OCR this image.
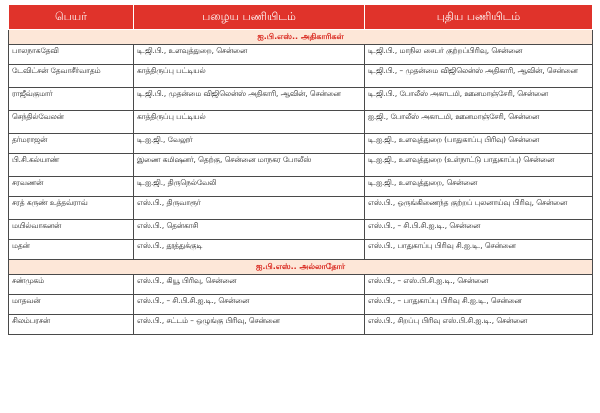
பெயர்	பழைய பணியிடம்	புதிய பணியிடம்
ஐ.பி.எஸ்.. அதிகாரிகள்		
பாலநாகதேவி	டி.ஜி.பி., உளவுத்துறை, சென்னை	டி.ஜி.பி., மாநில சைபர் குற்றப்பிரிவு, சென்னை
டேவிட்சன் தேவாசீர்வாதம்	காத்திருப்பு பட்டியல்	டி.ஜி.பி., – முதன்மை விஜிலென்ஸ் அதிகாரி, ஆவின், சென்னை
ராஜீவ்குமார்	டி.ஜி.பி., முதன்மை விஜிலென்ஸ் அதிகாரி, ஆவின், சென்னை	டி.ஜி.பி., போலீஸ் அகாடமி, ஊனமாஞ்சேரி, சென்னை
செந்தில்வேலன்	காத்திருப்பு பட்டியல்	ஐ.ஜி., போலீஸ் அகாடமி, ஊனமாஞ்சேரி, சென்னை
தர்மராஜன்	டி.ஐ.ஜி., வேலூர்	டி.ஐ.ஜி., உளவுத்துறை (பாதுகாப்பு பிரிவு) சென்னை
பி.சி.கல்யாண்	இணை கமிஷனர், தெற்கு, சென்னை மாநகர போலீஸ்	டி.ஐ.ஜி., உளவுத்துறை (உள்நாட்டு பாதுகாப்பு) சென்னை
சரவணன்	டி.ஐ.ஜி., திருநெல்வேலி	டி.ஐ.ஜி., உளவுத்துறை, சென்னை
சரத் கருண் உத்தவ்ராவ்	எஸ்.பி., திருவாரூர்	எஸ்.பி., ஒருங்கிணைந்த குற்றப் புலனாய்வு பிரிவு, சென்னை
மயில்வாகனன்	எஸ்.பி., தென்காசி	எஸ்.பி., – சி.பி.சி.ஐ.டி., சென்னை
மதன்	எஸ்.பி., தூத்துக்குடி	எஸ்.பி., பாதுகாப்பு பிரிவு சி.ஐ.டி., சென்னை
ஐ.பி.எஸ்.. அல்லாதோர்		
சண்முகம்	எஸ்.பி., கியூ பிரிவு, சென்னை	எஸ்.பி., – எஸ்.பி.சி.ஐ.டி., சென்னை
மாதவன்	எஸ்.பி., – சி.பி.சி.ஐ.டி., சென்னை	எஸ்.பி., – பாதுகாப்பு பிரிவு சி.ஐ.டி., சென்னை
சிலம்பரசன்	எஸ்.பி., சட்டம் – ஒழுங்கு பிரிவு, சென்னை	எஸ்.பி., சிறப்பு பிரிவு எஸ்.பி.சி.ஐ.டி., சென்னை
